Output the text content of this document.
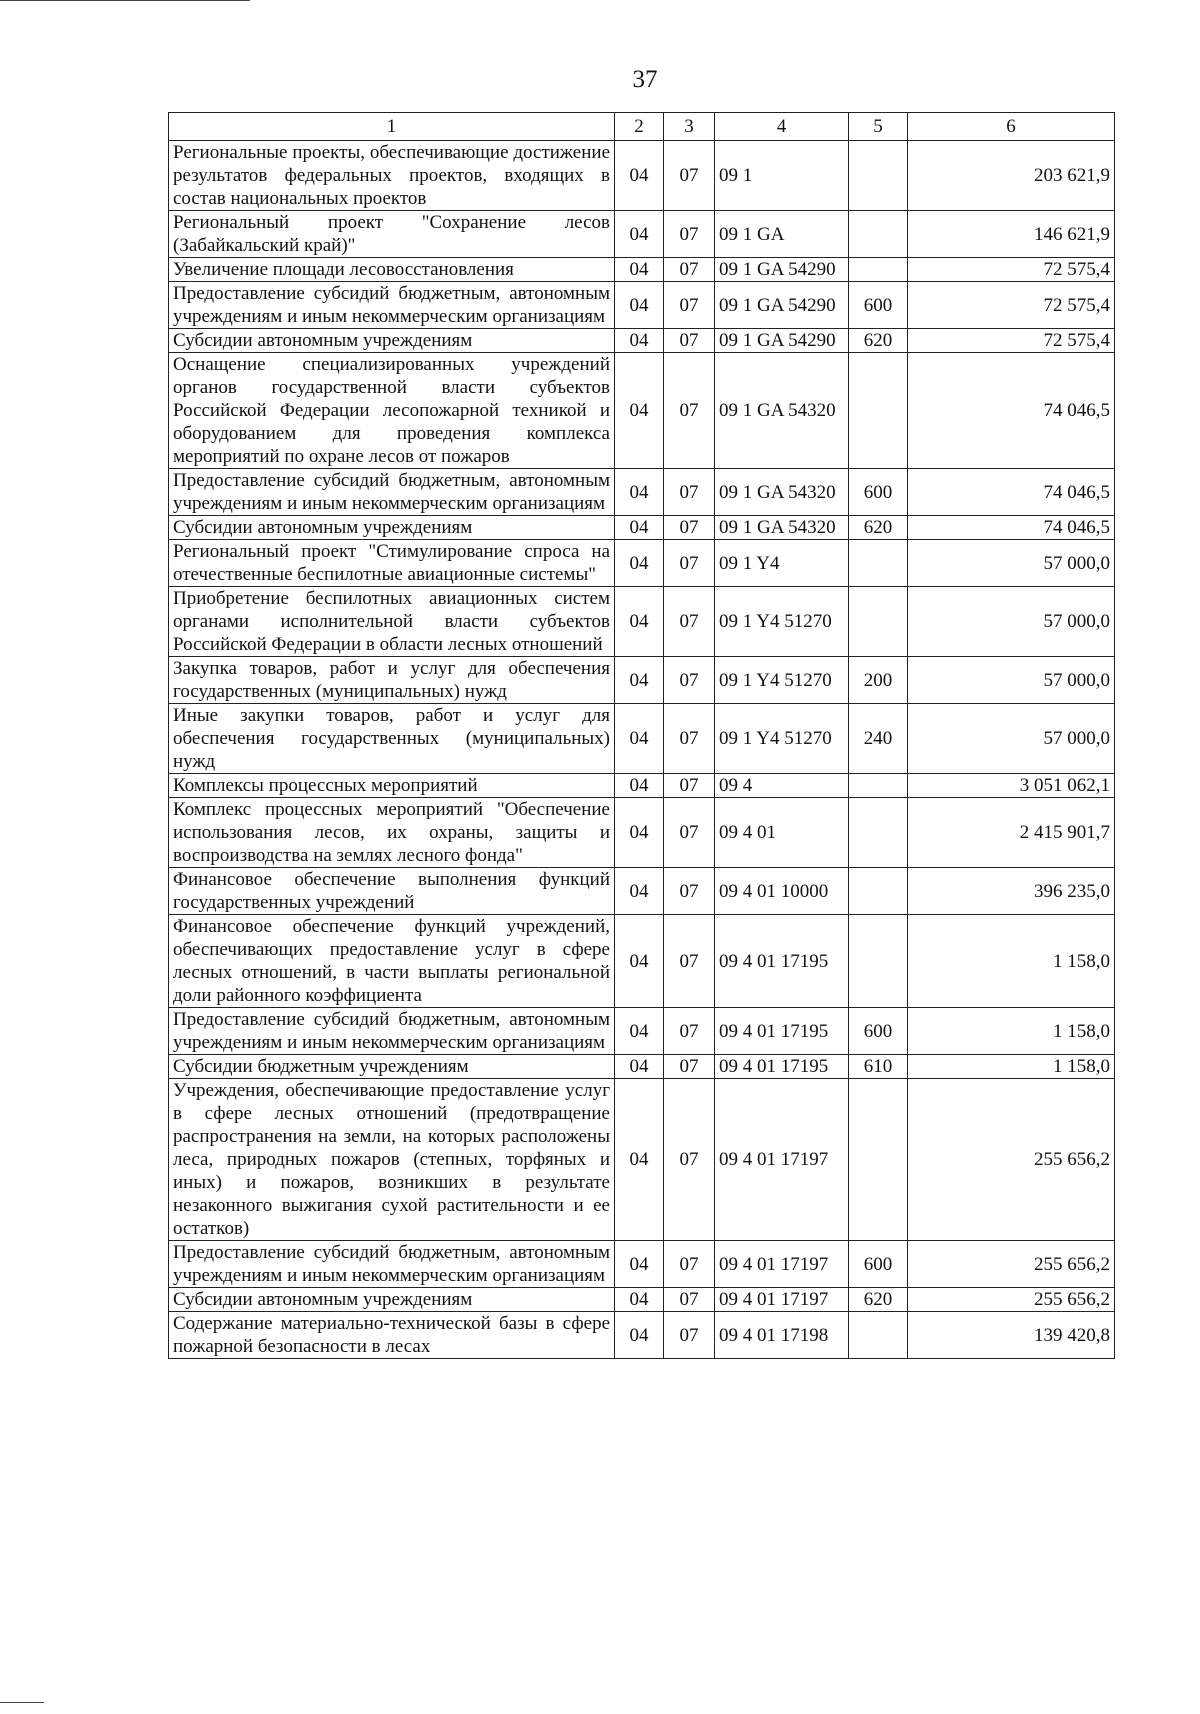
37
1	2	3	4	5	6
Региональные проекты, обеспечивающие достижение результатов федеральных проектов, входящих в состав национальных проектов	04	07	09 1		203 621,9
Региональный проект "Сохранение лесов (Забайкальский край)"	04	07	09 1 GA		146 621,9
Увеличение площади лесовосстановления	04	07	09 1 GA 54290		72 575,4
Предоставление субсидий бюджетным, автономным учреждениям и иным некоммерческим организациям	04	07	09 1 GA 54290	600	72 575,4
Субсидии автономным учреждениям	04	07	09 1 GA 54290	620	72 575,4
Оснащение специализированных учреждений органов государственной власти субъектов Российской Федерации лесопожарной техникой и оборудованием для проведения комплекса мероприятий по охране лесов от пожаров	04	07	09 1 GA 54320		74 046,5
Предоставление субсидий бюджетным, автономным учреждениям и иным некоммерческим организациям	04	07	09 1 GA 54320	600	74 046,5
Субсидии автономным учреждениям	04	07	09 1 GA 54320	620	74 046,5
Региональный проект "Стимулирование спроса на отечественные беспилотные авиационные системы"	04	07	09 1 Y4		57 000,0
Приобретение беспилотных авиационных систем органами исполнительной власти субъектов Российской Федерации в области лесных отношений	04	07	09 1 Y4 51270		57 000,0
Закупка товаров, работ и услуг для обеспечения государственных (муниципальных) нужд	04	07	09 1 Y4 51270	200	57 000,0
Иные закупки товаров, работ и услуг для обеспечения государственных (муниципальных) нужд	04	07	09 1 Y4 51270	240	57 000,0
Комплексы процессных мероприятий	04	07	09 4		3 051 062,1
Комплекс процессных мероприятий "Обеспечение использования лесов, их охраны, защиты и воспроизводства на землях лесного фонда"	04	07	09 4 01		2 415 901,7
Финансовое обеспечение выполнения функций государственных учреждений	04	07	09 4 01 10000		396 235,0
Финансовое обеспечение функций учреждений, обеспечивающих предоставление услуг в сфере лесных отношений, в части выплаты региональной доли районного коэффициента	04	07	09 4 01 17195		1 158,0
Предоставление субсидий бюджетным, автономным учреждениям и иным некоммерческим организациям	04	07	09 4 01 17195	600	1 158,0
Субсидии бюджетным учреждениям	04	07	09 4 01 17195	610	1 158,0
Учреждения, обеспечивающие предоставление услуг в сфере лесных отношений (предотвращение распространения на земли, на которых расположены леса, природных пожаров (степных, торфяных и иных) и пожаров, возникших в результате незаконного выжигания сухой растительности и ее остатков)	04	07	09 4 01 17197		255 656,2
Предоставление субсидий бюджетным, автономным учреждениям и иным некоммерческим организациям	04	07	09 4 01 17197	600	255 656,2
Субсидии автономным учреждениям	04	07	09 4 01 17197	620	255 656,2
Содержание материально-технической базы в сфере пожарной безопасности в лесах	04	07	09 4 01 17198		139 420,8
